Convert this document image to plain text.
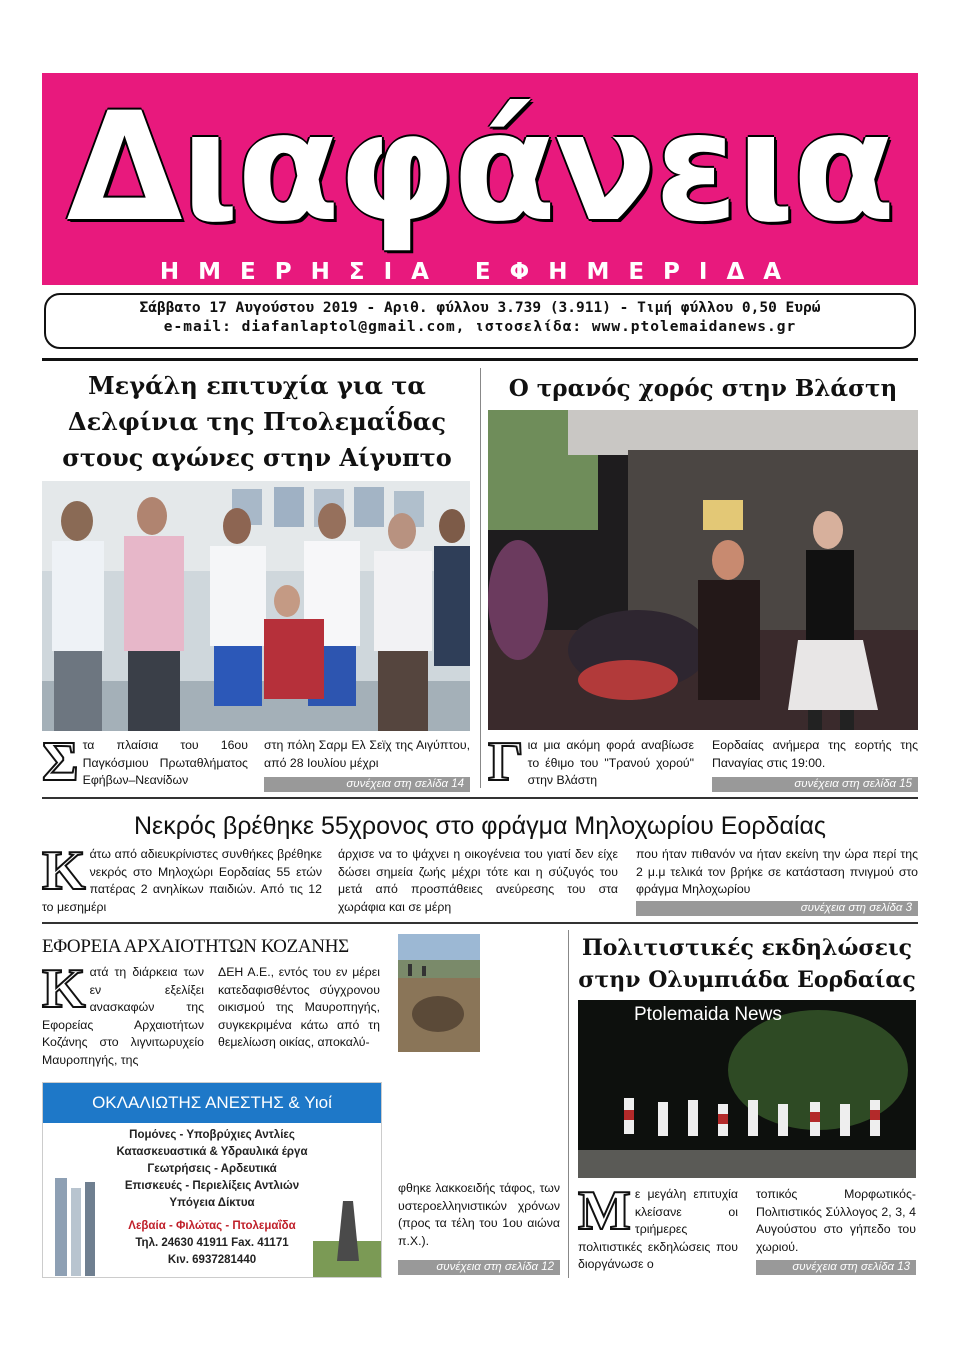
Διαφάνεια
ΗΜΕΡΗΣΙΑ ΕΦΗΜΕΡΙΔΑ
Σάββατο 17 Αυγούστου 2019 - Αριθ. φύλλου 3.739 (3.911) - Τιμή φύλλου 0,50 Ευρώ
e-mail: diafanlaptol@gmail.com, ιστοσελίδα: www.ptolemaidanews.gr
Μεγάλη επιτυχία για τα
Δελφίνια της Πτολεμαΐδας
στους αγώνες στην Αίγυπτο
Στα πλαίσια του 16ου Παγκόσμιου Πρωταθλήματος Εφήβων–Νεανίδων
στη πόλη Σαρμ Ελ Σεϊχ της Αιγύπτου, από 28 Ιουλίου μέχρι
συνέχεια στη σελίδα 14
Ο τρανός χορός στην Βλάστη
Για μια ακόμη φορά αναβίωσε το έθιμο του "Τρανού χορού" στην Βλάστη
Εορδαίας ανήμερα της εορτής της Παναγίας στις 19:00.
συνέχεια στη σελίδα 15
Νεκρός βρέθηκε 55χρονος στο φράγμα Μηλοχωρίου Εορδαίας
Κάτω από αδιευκρίνιστες συνθήκες βρέθηκε νεκρός στο Μηλοχώρι Εορδαίας 55 ετών πατέρας 2 ανηλίκων παιδιών. Από τις 12 το μεσημέρι
άρχισε να το ψάχνει η οικογένεια του γιατί δεν είχε δώσει σημεία ζωής μέχρι τότε και η σύζυγός του μετά από προσπάθειες ανεύρεσης του στα χωράφια και σε μέρη
που ήταν πιθανόν να ήταν εκείνη την ώρα περί της 2 μ.μ τελικά τον βρήκε σε κατάσταση πνιγμού στο φράγμα Μηλοχωρίου
συνέχεια στη σελίδα 3
ΕΦΟΡΕΙΑ ΑΡΧΑΙΟΤΗΤΩΝ ΚΟΖΑΝΗΣ
Κατά τη διάρκεια των εν εξελίξει ανασκαφών της Εφορείας Αρχαιοτήτων Κοζάνης στο λιγνιτωρυχείο Μαυροπηγής, της
ΔΕΗ Α.Ε., εντός του εν μέρει κατεδαφισθέντος σύγχρονου οικισμού της Μαυροπηγής, συγκεκριμένα κάτω από τη θεμελίωση οικίας, αποκαλύ-
φθηκε λακκοειδής τάφος, των υστεροελληνιστικών χρόνων (προς τα τέλη του 1ου αιώνα π.Χ.).
συνέχεια στη σελίδα 12
ΟΚΛΑΛΙΩΤΗΣ ΑΝΕΣΤΗΣ & Υιοί
Πομόνες - Υποβρύχιες Αντλίες
Κατασκευαστικά & Υδραυλικά έργα
Γεωτρήσεις - Αρδευτικά
Επισκευές - Περιελίξεις Αντλιών
Υπόγεια Δίκτυα
Λεβαία - Φιλώτας - Πτολεμαΐδα
Τηλ. 24630 41911 Fax. 41171
Κιν. 6937281440
Πολιτιστικές εκδηλώσεις
στην Ολυμπιάδα Εορδαίας
Ptolemaida News
Με μεγάλη επιτυχία κλείσανε οι τριήμερες πολιτιστικές εκδηλώσεις που διοργάνωσε ο
τοπικός Μορφωτικός-Πολιτιστικός Σύλλογος 2, 3, 4 Αυγούστου στο γήπεδο του χωριού.
συνέχεια στη σελίδα 13
